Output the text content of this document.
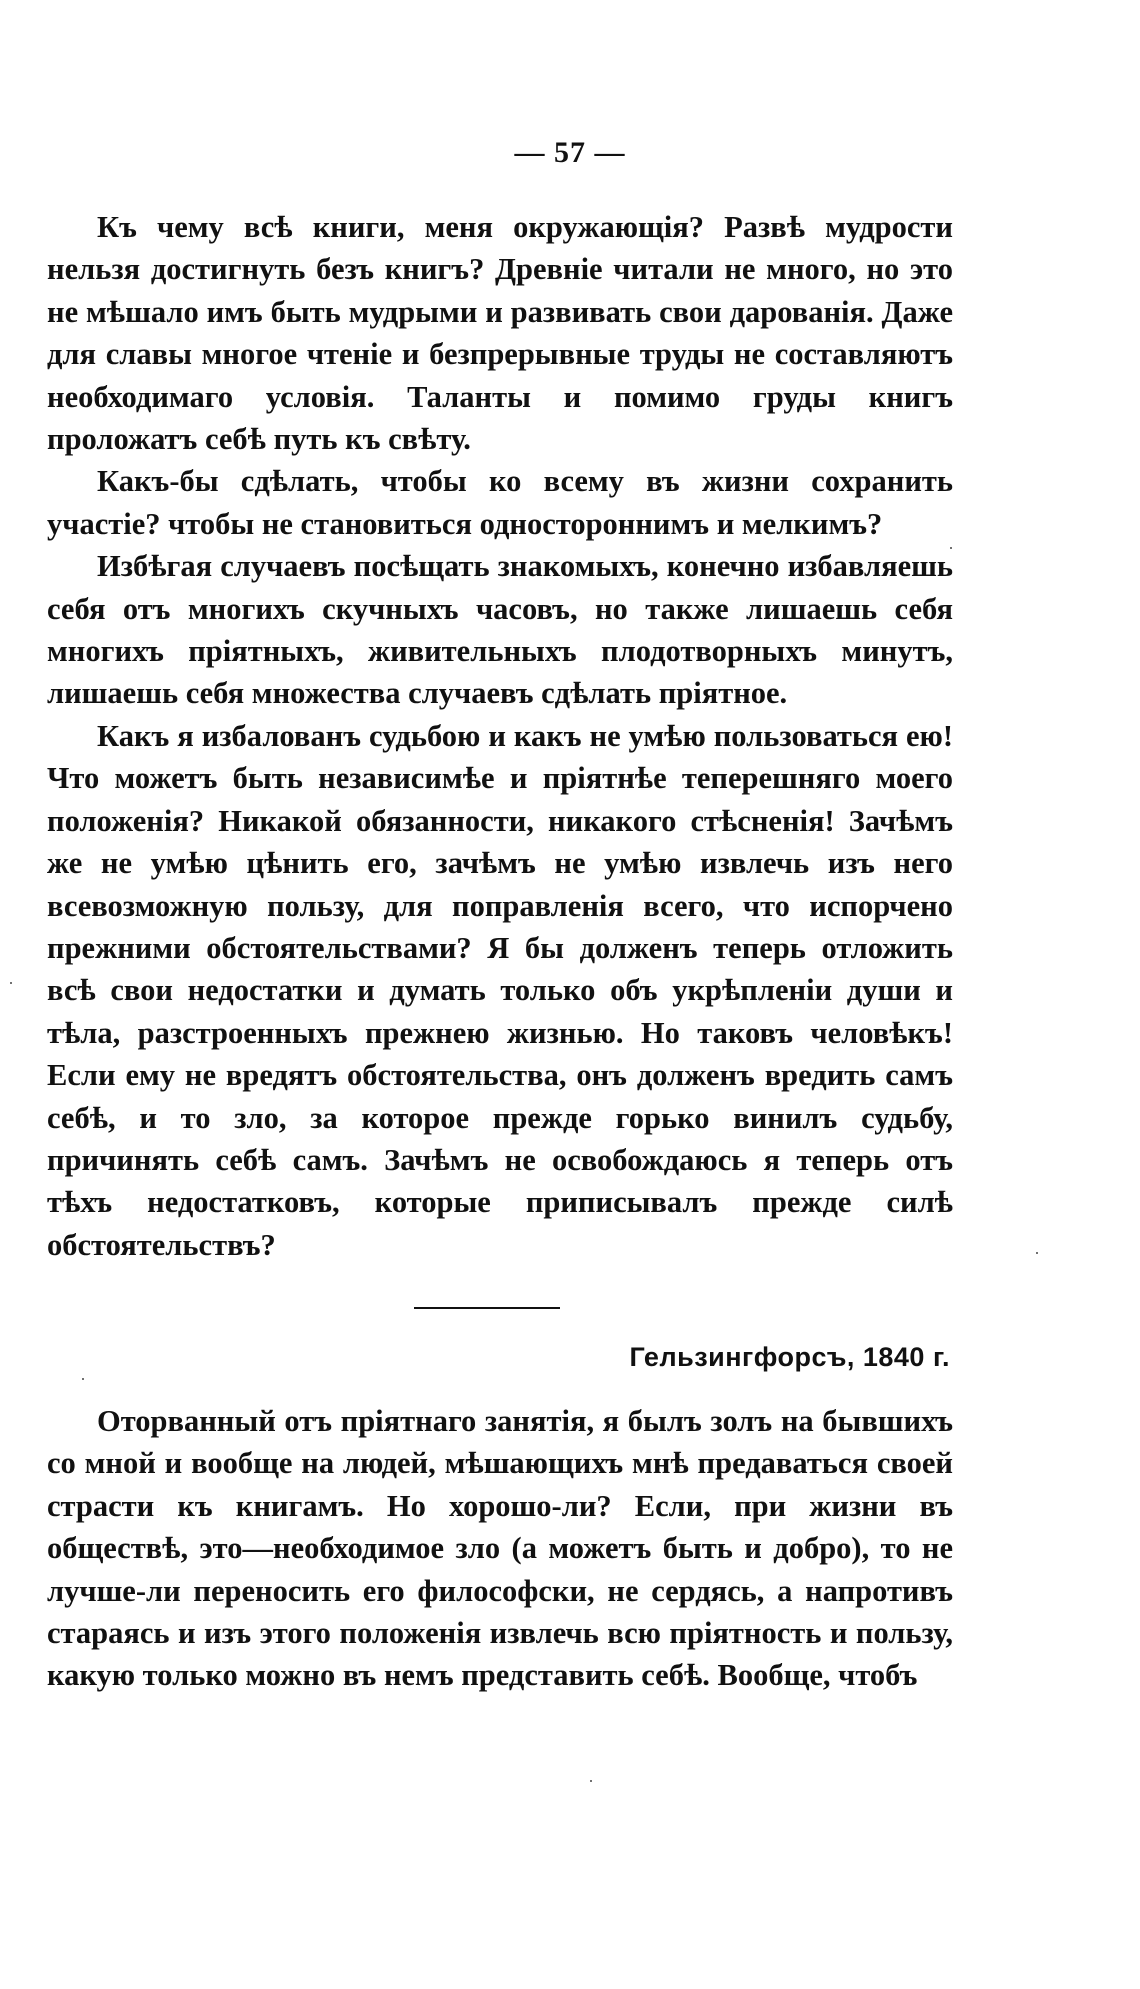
— 57 —

Къ чему всѣ книги, меня окружающія? Развѣ мудрости нельзя достигнуть безъ книгъ? Древніе читали не много, но это не мѣшало имъ быть мудрыми и развивать свои дарованія. Даже для славы многое чтеніе и безпрерывные труды не составляютъ необходимаго условія. Таланты и помимо груды книгъ проложатъ себѣ путь къ свѣту.

Какъ-бы сдѣлать, чтобы ко всему въ жизни сохранить участіе? чтобы не становиться одностороннимъ и мелкимъ?

Избѣгая случаевъ посѣщать знакомыхъ, конечно избавляешь себя отъ многихъ скучныхъ часовъ, но также лишаешь себя многихъ пріятныхъ, живительныхъ плодотворныхъ минутъ, лишаешь себя множества случаевъ сдѣлать пріятное.

Какъ я избалованъ судьбою и какъ не умѣю пользоваться ею! Что можетъ быть независимѣе и пріятнѣе теперешняго моего положенія? Никакой обязанности, никакого стѣсненія! Зачѣмъ же не умѣю цѣнить его, зачѣмъ не умѣю извлечь изъ него всевозможную пользу, для поправленія всего, что испорчено прежними обстоятельствами? Я бы долженъ теперь отложить всѣ свои недостатки и думать только объ укрѣпленіи души и тѣла, разстроенныхъ прежнею жизнью. Но таковъ человѣкъ! Если ему не вредятъ обстоятельства, онъ долженъ вредить самъ себѣ, и то зло, за которое прежде горько винилъ судьбу, причинять себѣ самъ. Зачѣмъ не освобождаюсь я теперь отъ тѣхъ недостатковъ, которые приписывалъ прежде силѣ обстоятельствъ?

Гельзингфорсъ, 1840 г.

Оторванный отъ пріятнаго занятія, я былъ золъ на бывшихъ со мной и вообще на людей, мѣшающихъ мнѣ предаваться своей страсти къ книгамъ. Но хорошо-ли? Если, при жизни въ обществѣ, это—необходимое зло (а можетъ быть и добро), то не лучше-ли переносить его философски, не сердясь, а напротивъ стараясь и изъ этого положенія извлечь всю пріятность и пользу, какую только можно въ немъ представить себѣ. Вообще, чтобъ
